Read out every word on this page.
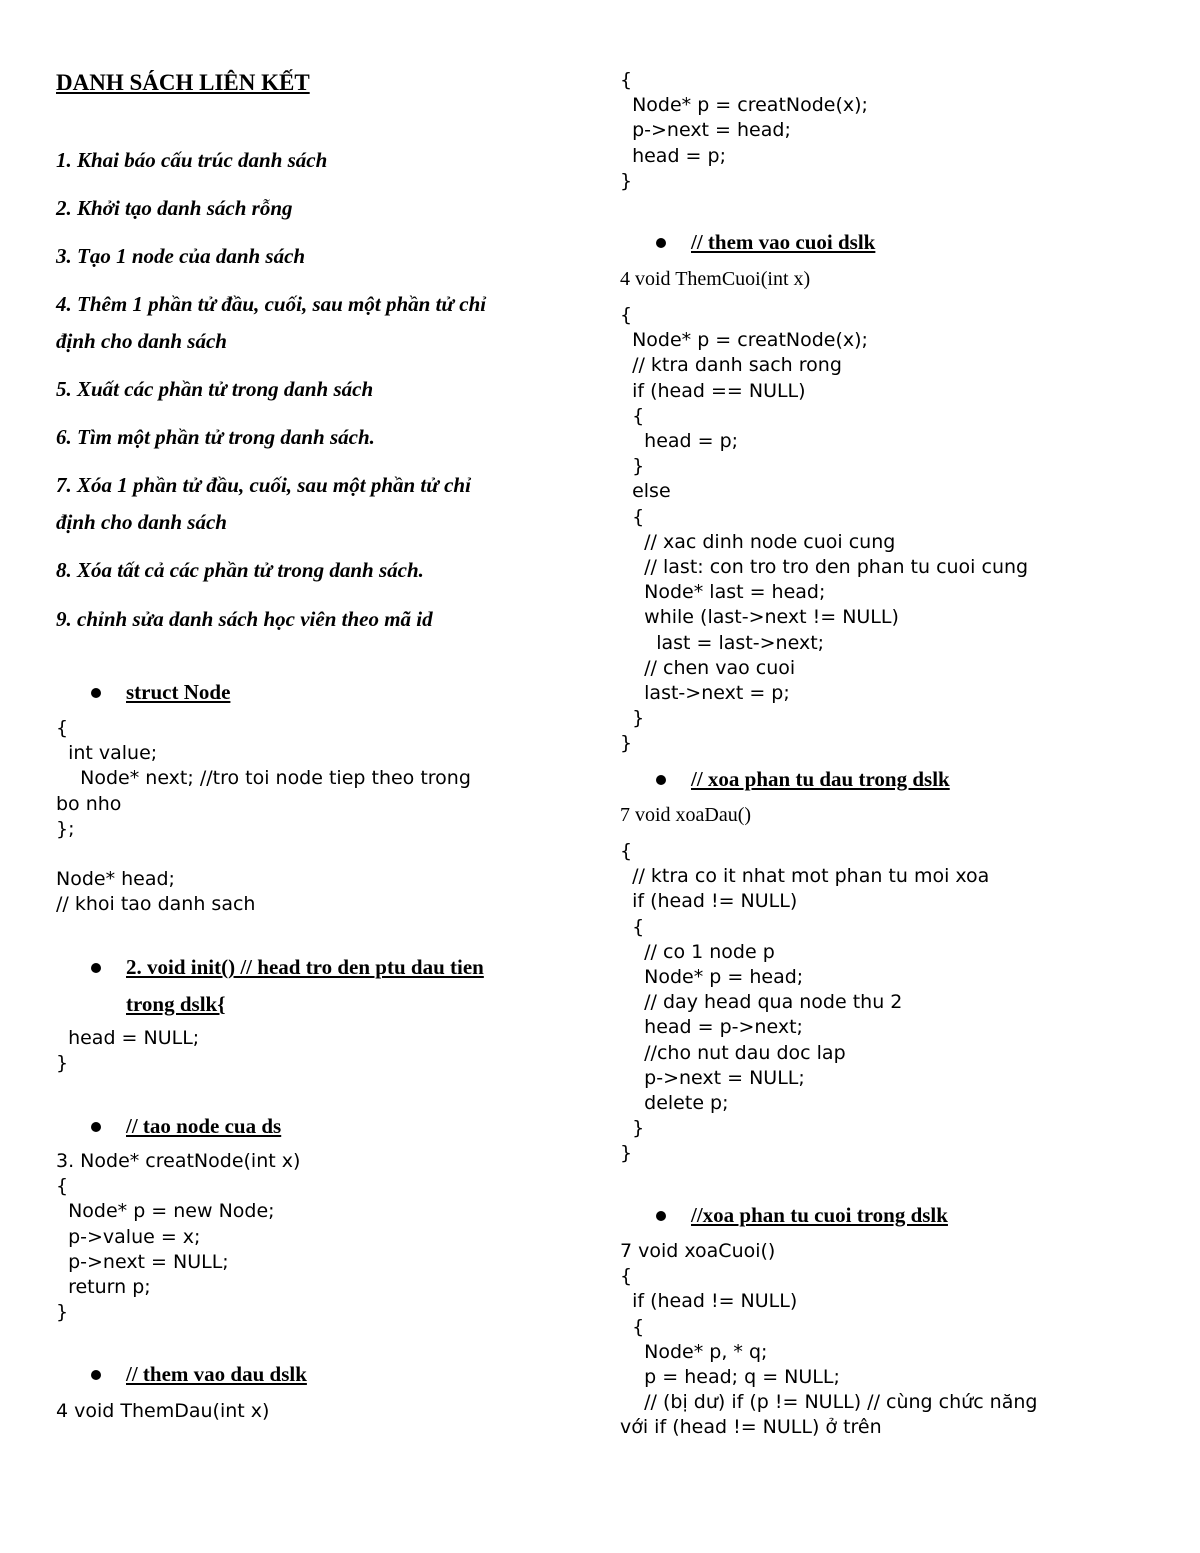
DANH SÁCH LIÊN KẾT

1. Khai báo cấu trúc danh sách

2. Khởi tạo danh sách rỗng

3. Tạo 1 node của danh sách

4. Thêm 1 phần tử đầu, cuối, sau một phần tử chỉ

định cho danh sách

5. Xuất các phần tử trong danh sách

6. Tìm một phần tử trong danh sách.

7. Xóa 1 phần tử đầu, cuối, sau một phần tử chỉ

định cho danh sách

8. Xóa tất cả các phần tử trong danh sách.

9. chỉnh sửa danh sách học viên theo mã id

struct Node
{
int value;
Node* next; //tro toi node tiep theo trong
bo nho
};

Node* head;
// khoi tao danh sach
2. void init() // head tro den ptu dau tien
trong dslk{
head = NULL;
}
// tao node cua ds
3. Node* creatNode(int x)
{
Node* p = new Node;
p->value = x;
p->next = NULL;
return p;
}
// them vao dau dslk
4 void ThemDau(int x)
{
Node* p = creatNode(x);
p->next = head;
head = p;
}
// them vao cuoi dslk

4 void ThemCuoi(int x)

{
Node* p = creatNode(x);
// ktra danh sach rong
if (head == NULL)
{
head = p;
}
else
{
// xac dinh node cuoi cung
// last: con tro tro den phan tu cuoi cung
Node* last = head;
while (last->next != NULL)
last = last->next;
// chen vao cuoi
last->next = p;
}
}
// xoa phan tu dau trong dslk

7 void xoaDau()

{
// ktra co it nhat mot phan tu moi xoa
if (head != NULL)
{
// co 1 node p
Node* p = head;
// day head qua node thu 2
head = p->next;
//cho nut dau doc lap
p->next = NULL;
delete p;
}
}
//xoa phan tu cuoi trong dslk
7 void xoaCuoi()
{
if (head != NULL)
{
Node* p, * q;
p = head; q = NULL;
// (bị dư) if (p != NULL) // cùng chức năng
với if (head != NULL) ở trên
